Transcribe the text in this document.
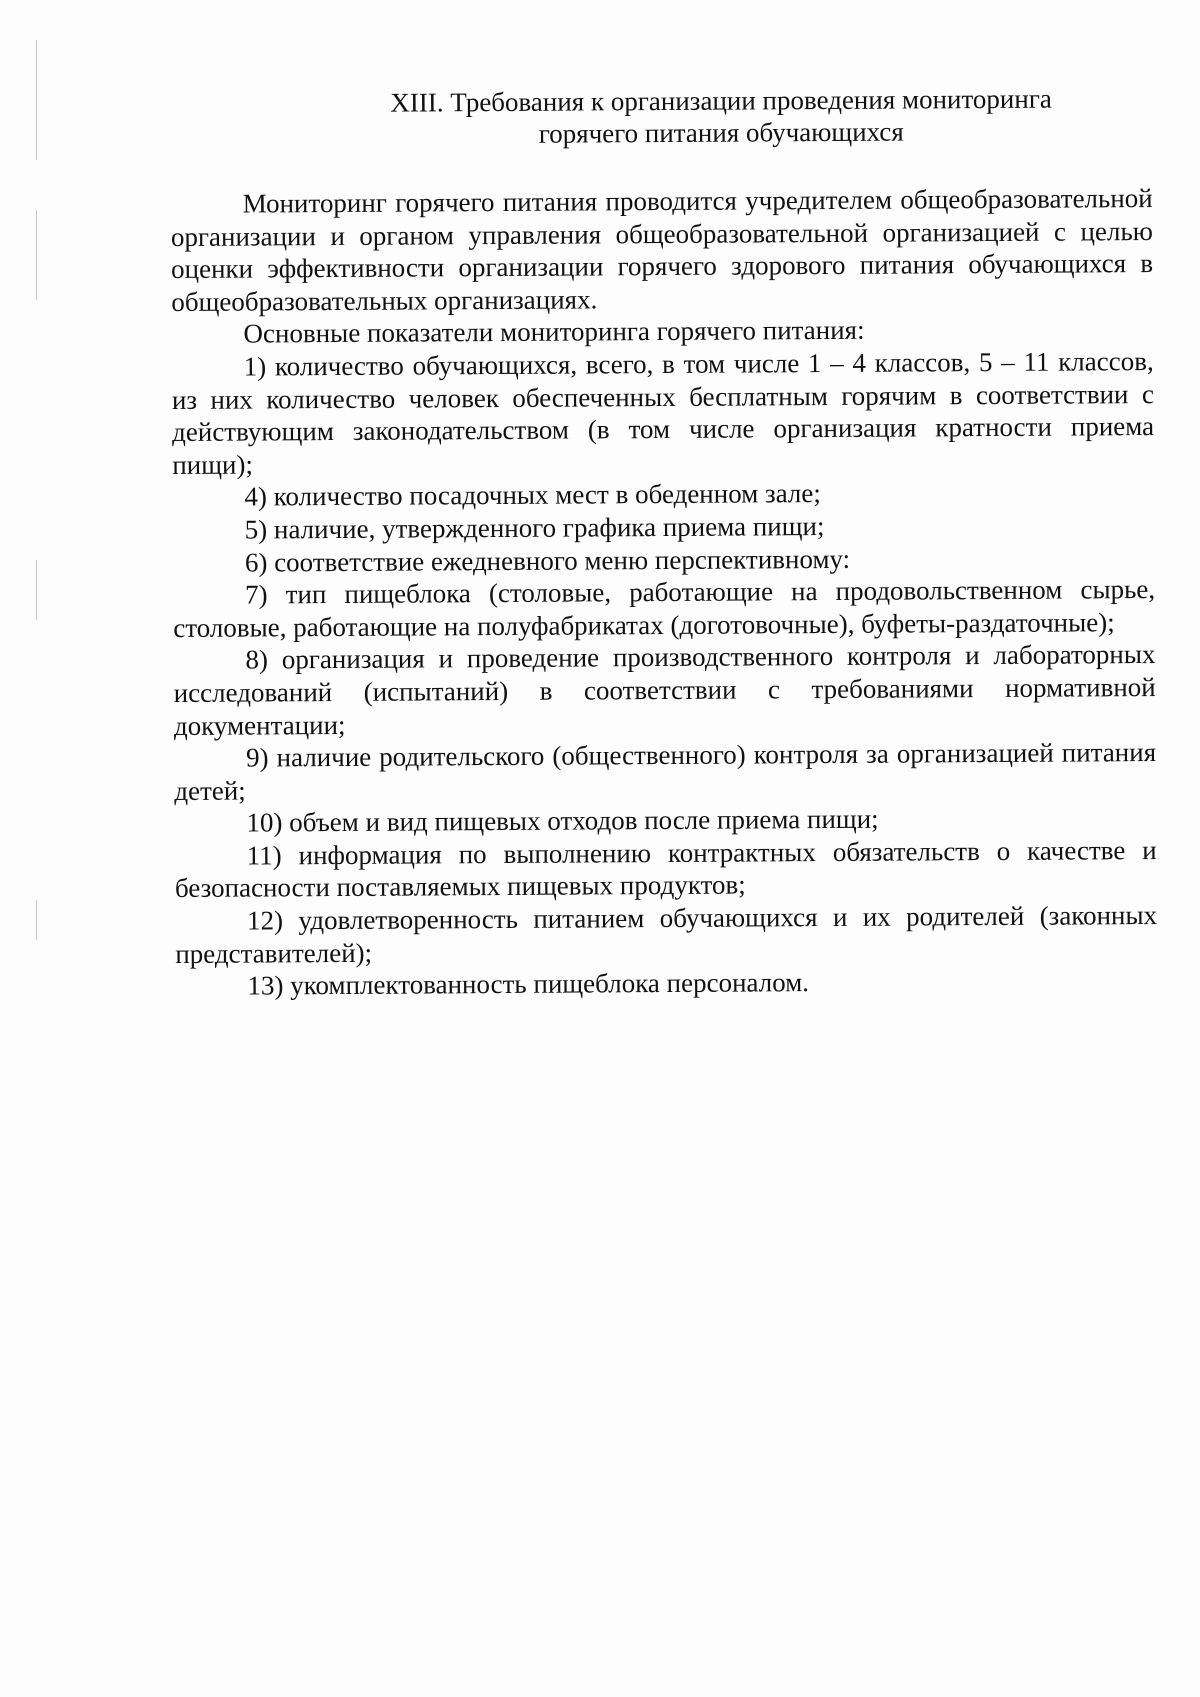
XIII. Требования к организации проведения мониторинга
горячего питания обучающихся

Мониторинг горячего питания проводится учредителем общеобразовательной организации и органом управления общеобразовательной организацией с целью оценки эффективности организации горячего здорового питания обучающихся в общеобразовательных организациях.

Основные показатели мониторинга горячего питания:

1) количество обучающихся, всего, в том числе 1 – 4 классов, 5 – 11 классов, из них количество человек обеспеченных бесплатным горячим в соответствии с действующим законодательством (в том числе организация кратности приема пищи);

4) количество посадочных мест в обеденном зале;

5) наличие, утвержденного графика приема пищи;

6) соответствие ежедневного меню перспективному:

7) тип пищеблока (столовые, работающие на продовольственном сырье, столовые, работающие на полуфабрикатах (доготовочные), буфеты-раздаточные);

8) организация и проведение производственного контроля и лабораторных исследований (испытаний) в соответствии с требованиями нормативной документации;

9) наличие родительского (общественного) контроля за организацией питания детей;

10) объем и вид пищевых отходов после приема пищи;

11) информация по выполнению контрактных обязательств о качестве и безопасности поставляемых пищевых продуктов;

12) удовлетворенность питанием обучающихся и их родителей (законных представителей);

13) укомплектованность пищеблока персоналом.
